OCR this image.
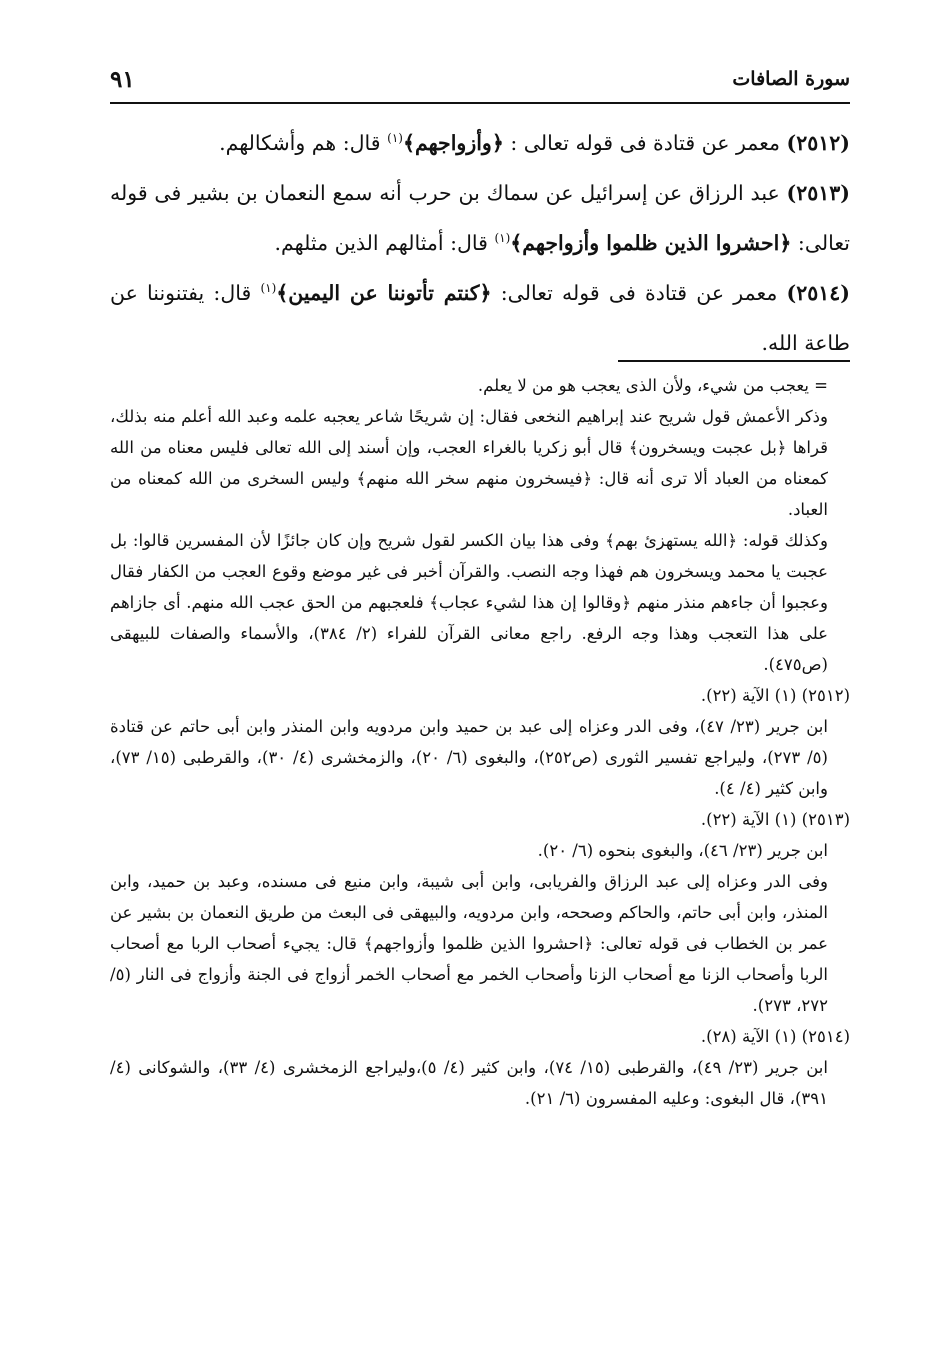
سورة الصافات
٩١

(٢٥١٢) معمر عن قتادة فى قوله تعالى : ﴿وأزواجهم﴾$^{(١)}$ قال: هم وأشكالهم.

(٢٥١٣) عبد الرزاق عن إسرائيل عن سماك بن حرب أنه سمع النعمان بن بشير فى قوله تعالى: ﴿احشروا الذين ظلموا وأزواجهم﴾$^{(١)}$ قال: أمثالهم الذين مثلهم.

(٢٥١٤) معمر عن قتادة فى قوله تعالى: ﴿كنتم تأتوننا عن اليمين﴾$^{(١)}$ قال: يفتنوننا عن طاعة الله.

= يعجب من شيء، ولأن الذى يعجب هو من لا يعلم.

وذكر الأعمش قول شريح عند إبراهيم النخعى فقال: إن شريحًا شاعر يعجبه علمه وعبد الله أعلم منه بذلك، قراها ﴿بل عجبت ويسخرون﴾ قال أبو زكريا بالغراء العجب، وإن أسند إلى الله تعالى فليس معناه من الله كمعناه من العباد ألا ترى أنه قال: ﴿فيسخرون منهم سخر الله منهم﴾ وليس السخرى من الله كمعناه من العباد.

وكذلك قوله: ﴿الله يستهزئ بهم﴾ وفى هذا بيان الكسر لقول شريح وإن كان جائزًا لأن المفسرين قالوا: بل عجبت يا محمد ويسخرون هم فهذا وجه النصب. والقرآن أخبر فى غير موضع وقوع العجب من الكفار فقال وعجبوا أن جاءهم منذر منهم ﴿وقالوا إن هذا لشيء عجاب﴾ فلعجبهم من الحق عجب الله منهم. أى جازاهم على هذا التعجب وهذا وجه الرفع. راجع معانى القرآن للفراء (٢/ ٣٨٤)، والأسماء والصفات للبيهقى (ص٤٧٥).

(٢٥١٢) (١) الآية (٢٢).

ابن جرير (٢٣/ ٤٧)، وفى الدر وعزاه إلى عبد بن حميد وابن مردويه وابن المنذر وابن أبى حاتم عن قتادة (٥/ ٢٧٣)، وليراجع تفسير الثورى (ص٢٥٢)، والبغوى (٦/ ٢٠)، والزمخشرى (٤/ ٣٠)، والقرطبى (١٥/ ٧٣)، وابن كثير (٤/ ٤).

(٢٥١٣) (١) الآية (٢٢).

ابن جرير (٢٣/ ٤٦)، والبغوى بنحوه (٦/ ٢٠).

وفى الدر وعزاه إلى عبد الرزاق والفريابى، وابن أبى شيبة، وابن منيع فى مسنده، وعبد بن حميد، وابن المنذر، وابن أبى حاتم، والحاكم وصححه، وابن مردويه، والبيهقى فى البعث من طريق النعمان بن بشير عن عمر بن الخطاب فى قوله تعالى: ﴿احشروا الذين ظلموا وأزواجهم﴾ قال: يجيء أصحاب الربا مع أصحاب الربا وأصحاب الزنا مع أصحاب الزنا وأصحاب الخمر مع أصحاب الخمر أزواج فى الجنة وأزواج فى النار (٥/ ٢٧٢، ٢٧٣).

(٢٥١٤) (١) الآية (٢٨).

ابن جرير (٢٣/ ٤٩)، والقرطبى (١٥/ ٧٤)، وابن كثير (٤/ ٥)،وليراجع الزمخشرى (٤/ ٣٣)، والشوكانى (٤/ ٣٩١)، قال البغوى: وعليه المفسرون (٦/ ٢١).
